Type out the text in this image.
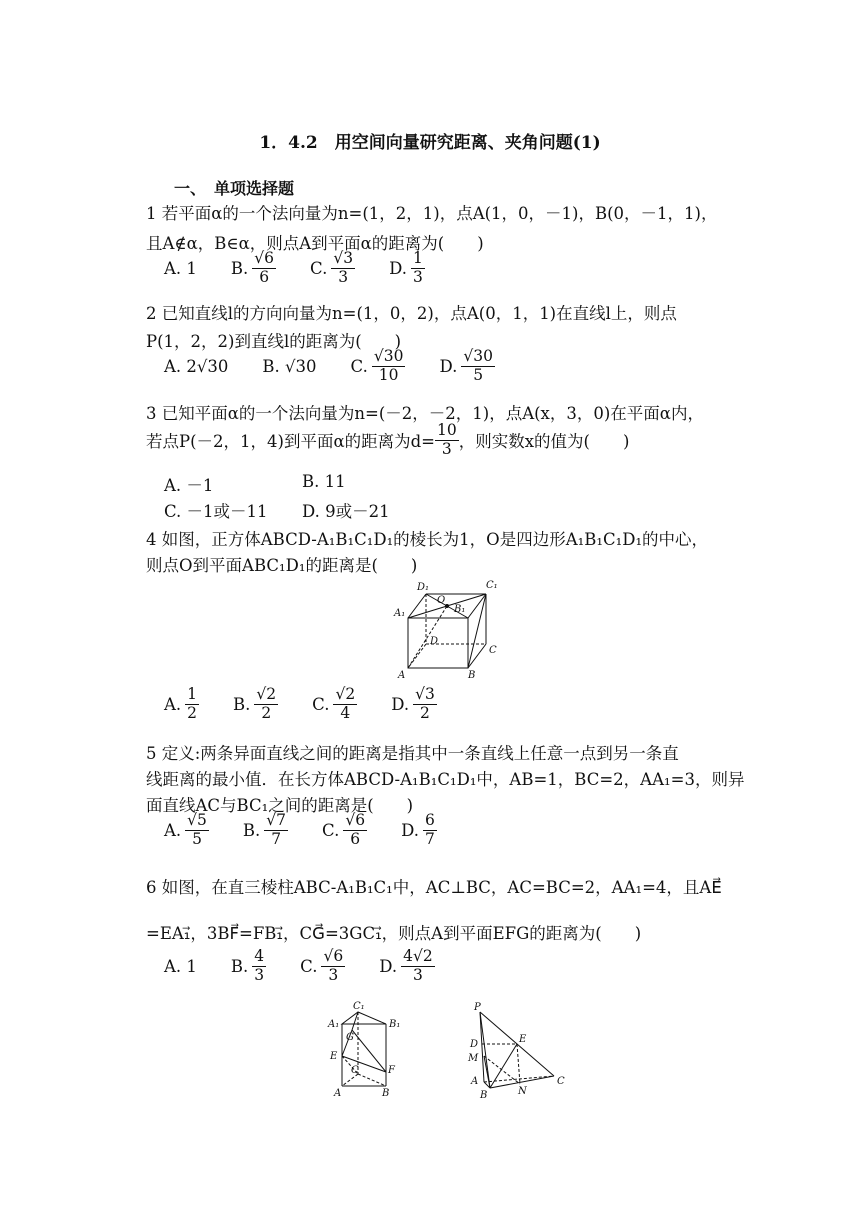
1．4.2　用空间向量研究距离、夹角问题(1)
一、　单项选择题
1 若平面α的一个法向量为n=(1，2，1)，点A(1，0，－1)，B(0，－1，1)，
且A∉α，B∈α，则点A到平面α的距离为(　　)
A. 1 B. $\frac{√6}{6} C$. $\frac{√3}{3} D$. $\frac{1}{3}$
2 已知直线l的方向向量为n=(1，0，2)，点A(0，1，1)在直线l上，则点
P(1，2，2)到直线l的距离为(　　)
A. 2√30 B. √30 C. $\frac{√30}{10} D$. $\frac{√30}{5}$
3 已知平面α的一个法向量为n=(－2，－2，1)，点A(x，3，0)在平面α内，
若点P(－2，1，4)到平面α的距离为$d= \frac{10}{3}$ ，则实数x的值为(　　)
A. －1	B. 11
C. －1或－11 D. 9或－21
4 如图，正方体ABCD-A₁B₁C₁D₁的棱长为1，O是四边形A₁B₁C₁D₁的中心，
则点O到平面ABC₁D₁的距离是(　　)
D₁	C₁
A₁
O
B₁
D
C
A	B
A. $\frac{1}{2} B$. $\frac{√2}{2} C$. $\frac{√2}{4} D$. $\frac{√3}{2}$
5 定义:两条异面直线之间的距离是指其中一条直线上任意一点到另一条直
线距离的最小值．在长方体ABCD-A₁B₁C₁D₁中，AB=1，BC=2，AA₁=3，则异
面直线AC与BC₁之间的距离是(　　)
A. $\frac{√5}{5} B$. $\frac{√7}{7} C$. $\frac{√6}{6} D$. $\frac{6}{7}$
6 如图，在直三棱柱ABC-A₁B₁C₁中，AC⊥BC，AC=BC=2，AA₁=4，且AE⃗
=EA₁⃗，3BF⃗=FB₁⃗，CG⃗=3GC₁⃗，则点A到平面EFG的距离为(　　)
A. 1 B. $\frac{4}{3} C$. $\frac{√6}{3} D$. $\frac{4√2}{3}$
C₁
A₁	B₁
G
E
C	F
A	B
P
D	E
M
A
B	N
C
